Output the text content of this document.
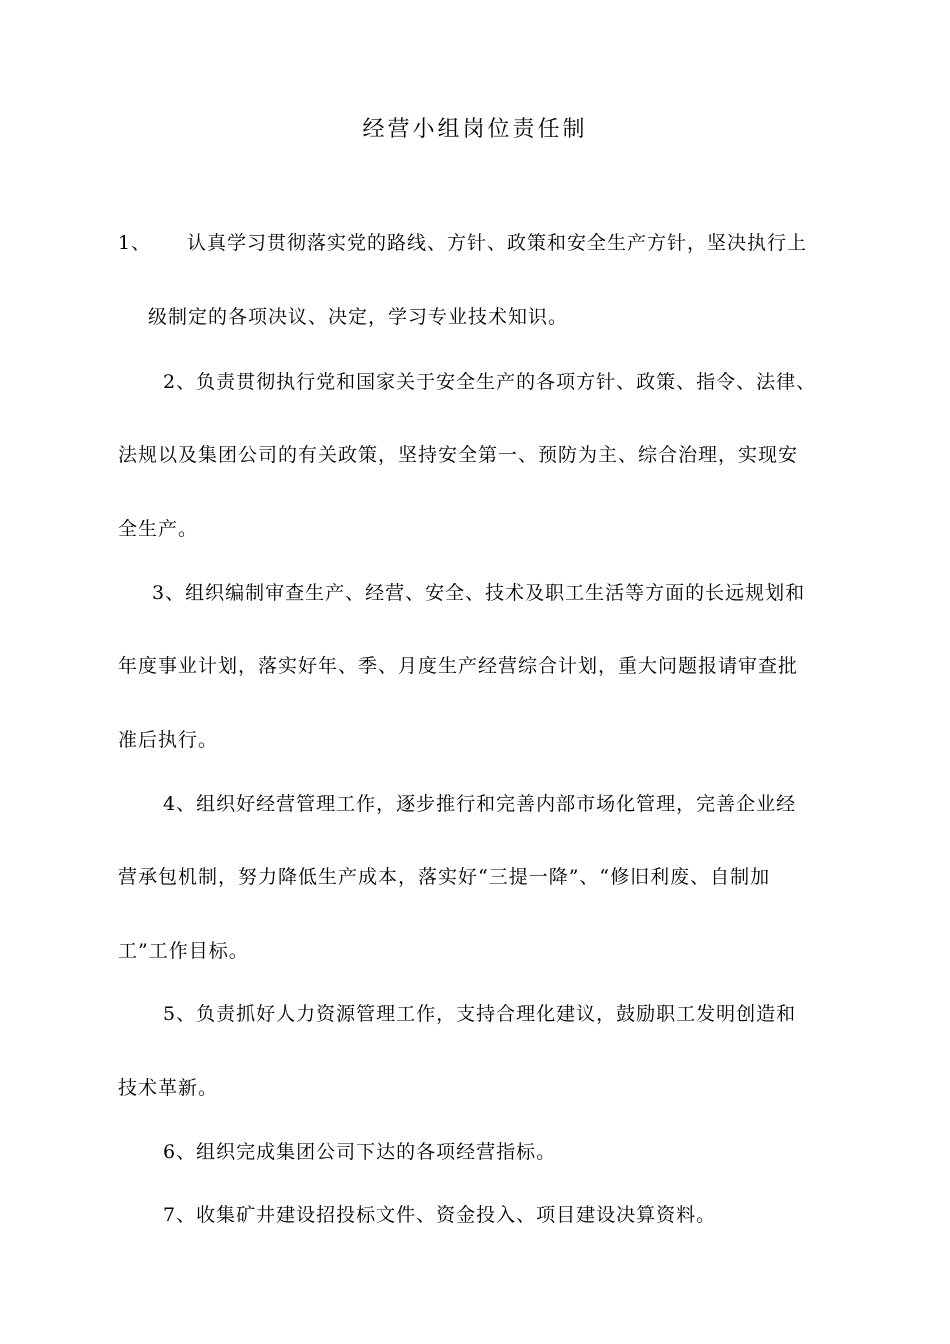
经营小组岗位责任制
1、 认真学习贯彻落实党的路线、方针、政策和安全生产方针，坚决执行上
级制定的各项决议、决定，学习专业技术知识。
2、负责贯彻执行党和国家关于安全生产的各项方针、政策、指令、法律、
法规以及集团公司的有关政策，坚持安全第一、预防为主、综合治理，实现安
全生产。
3、组织编制审查生产、经营、安全、技术及职工生活等方面的长远规划和
年度事业计划，落实好年、季、月度生产经营综合计划，重大问题报请审查批
准后执行。
4、组织好经营管理工作，逐步推行和完善内部市场化管理，完善企业经
营承包机制，努力降低生产成本，落实好“三提一降”、“修旧利废、自制加
工”工作目标。
5、负责抓好人力资源管理工作，支持合理化建议，鼓励职工发明创造和
技术革新。
6、组织完成集团公司下达的各项经营指标。
7、收集矿井建设招投标文件、资金投入、项目建设决算资料。
